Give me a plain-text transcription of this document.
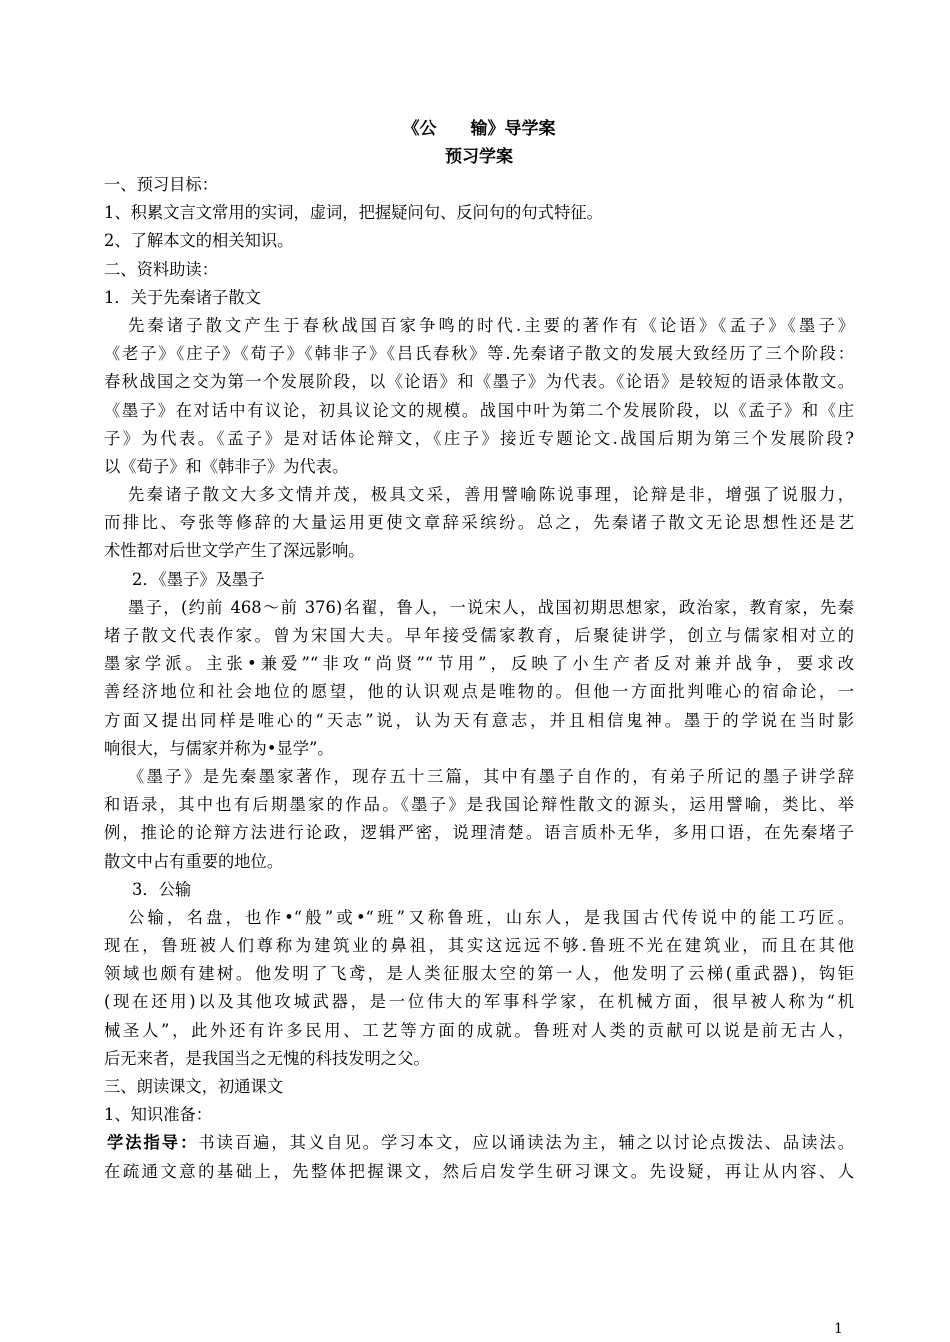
《公　　输》导学案
预习学案
一、预习目标：
1、积累文言文常用的实词，虚词，把握疑问句、反问句的句式特征。
2、了解本文的相关知识。
二、资料助读：
1．关于先秦诸子散文
先秦诸子散文产生于春秋战国百家争鸣的时代.主要的著作有《论语》《孟子》《墨子》
《老子》《庄子》《荀子》《韩非子》《吕氏春秋》等.先秦诸子散文的发展大致经历了三个阶段：
春秋战国之交为第一个发展阶段，以《论语》和《墨子》为代表。《论语》是较短的语录体散文。
《墨子》在对话中有议论，初具议论文的规模。战国中叶为第二个发展阶段，以《孟子》和《庄
子》为代表。《孟子》是对话体论辩文，《庄子》接近专题论文.战国后期为第三个发展阶段?
以《荀子》和《韩非子》为代表。
先秦诸子散文大多文情并茂，极具文采，善用譬喻陈说事理，论辩是非，增强了说服力，
而排比、夸张等修辞的大量运用更使文章辞采缤纷。总之，先秦诸子散文无论思想性还是艺
术性都对后世文学产生了深远影响。
2．《墨子》及墨子
墨子，(约前 468～前 376)名翟，鲁人，一说宋人，战国初期思想家，政治家，教育家，先秦
堵子散文代表作家。曾为宋国大夫。早年接受儒家教育，后聚徒讲学，创立与儒家相对立的
墨家学派。主张•兼爱”“非攻“尚贤”“节用”，反映了小生产者反对兼并战争，要求改
善经济地位和社会地位的愿望，他的认识观点是唯物的。但他一方面批判唯心的宿命论，一
方面又提出同样是唯心的“天志”说，认为天有意志，并且相信鬼神。墨于的学说在当时影
响很大，与儒家并称为•显学”。
《墨子》是先秦墨家著作，现存五十三篇，其中有墨子自作的，有弟子所记的墨子讲学辞
和语录，其中也有后期墨家的作品。《墨子》是我国论辩性散文的源头，运用譬喻，类比、举
例，推论的论辩方法进行论政，逻辑严密，说理清楚。语言质朴无华，多用口语，在先秦堵子
散文中占有重要的地位。
3．公输
公输，名盘，也作•“般”或•“班”又称鲁班，山东人，是我国古代传说中的能工巧匠。
现在，鲁班被人们尊称为建筑业的鼻祖，其实这远远不够.鲁班不光在建筑业，而且在其他
领域也颇有建树。他发明了飞鸢，是人类征服太空的第一人，他发明了云梯(重武器)，钩钜
(现在还用)以及其他攻城武器，是一位伟大的军事科学家，在机械方面，很早被人称为“机
械圣人”，此外还有许多民用、工艺等方面的成就。鲁班对人类的贡献可以说是前无古人，
后无来者，是我国当之无愧的科技发明之父。
三、朗读课文，初通课文
1、知识准备：
学法指导：书读百遍，其义自见。学习本文，应以诵读法为主，辅之以讨论点拨法、品读法。
在疏通文意的基础上，先整体把握课文，然后启发学生研习课文。先设疑，再让从内容、人
1
